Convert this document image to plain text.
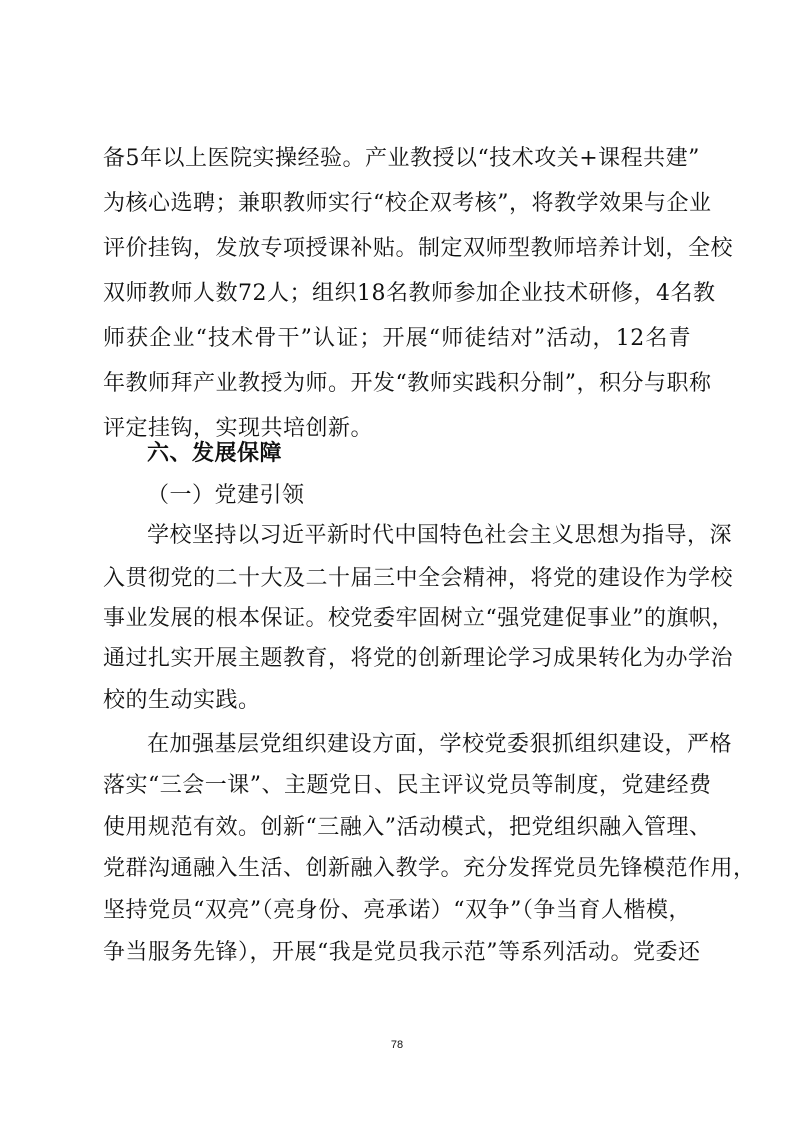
备5年以上医院实操经验。产业教授以“技术攻关+课程共建”
为核心选聘；兼职教师实行“校企双考核”，将教学效果与企业
评价挂钩，发放专项授课补贴。制定双师型教师培养计划，全校
双师教师人数72人；组织18名教师参加企业技术研修，4名教
师获企业“技术骨干”认证；开展“师徒结对”活动，12名青
年教师拜产业教授为师。开发“教师实践积分制”，积分与职称
评定挂钩，实现共培创新。
六、发展保障
（一）党建引领
学校坚持以习近平新时代中国特色社会主义思想为指导，深
入贯彻党的二十大及二十届三中全会精神，将党的建设作为学校
事业发展的根本保证。校党委牢固树立“强党建促事业”的旗帜，
通过扎实开展主题教育，将党的创新理论学习成果转化为办学治
校的生动实践。
在加强基层党组织建设方面，学校党委狠抓组织建设，严格
落实“三会一课”、主题党日、民主评议党员等制度，党建经费
使用规范有效。创新“三融入”活动模式，把党组织融入管理、
党群沟通融入生活、创新融入教学。充分发挥党员先锋模范作用，
坚持党员“双亮”（亮身份、亮承诺）“双争”（争当育人楷模，
争当服务先锋），开展“我是党员我示范”等系列活动。党委还
78
